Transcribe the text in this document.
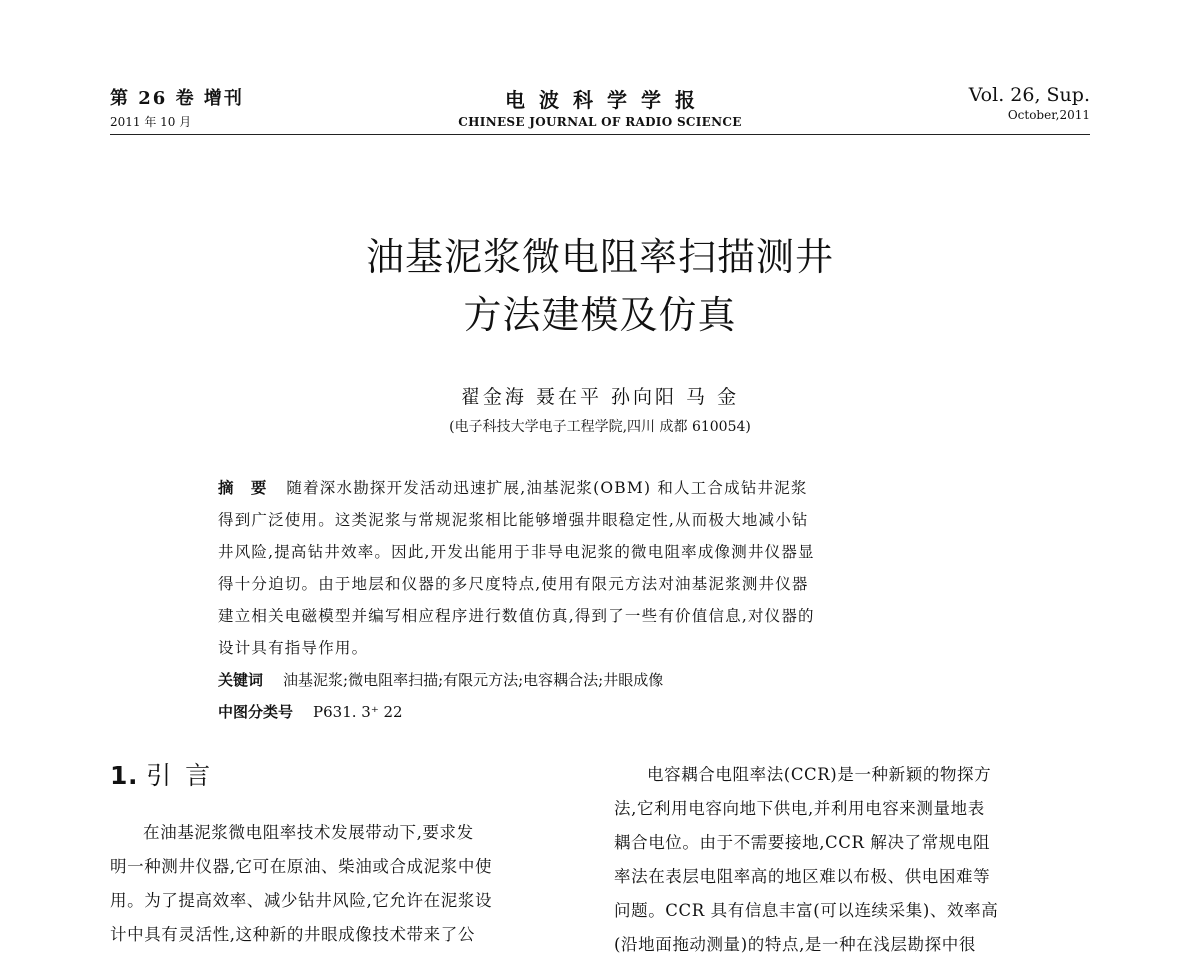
第 26 卷 增刊
2011 年 10 月
电波科学学报
CHINESE JOURNAL OF RADIO SCIENCE
Vol. 26, Sup.
October,2011
油基泥浆微电阻率扫描测井
方法建模及仿真
翟金海 聂在平 孙向阳 马 金
(电子科技大学电子工程学院,四川 成都 610054)
摘 要 随着深水勘探开发活动迅速扩展,油基泥浆(OBM) 和人工合成钻井泥浆
得到广泛使用。这类泥浆与常规泥浆相比能够增强井眼稳定性,从而极大地减小钻
井风险,提高钻井效率。因此,开发出能用于非导电泥浆的微电阻率成像测井仪器显
得十分迫切。由于地层和仪器的多尺度特点,使用有限元方法对油基泥浆测井仪器
建立相关电磁模型并编写相应程序进行数值仿真,得到了一些有价值信息,对仪器的
设计具有指导作用。
关键词 油基泥浆;微电阻率扫描;有限元方法;电容耦合法;井眼成像
中图分类号 P631. 3⁺ 22
1. 引言

在油基泥浆微电阻率技术发展带动下,要求发
明一种测井仪器,它可在原油、柴油或合成泥浆中使
用。为了提高效率、减少钻井风险,它允许在泥浆设
计中具有灵活性,这种新的井眼成像技术带来了公

电容耦合电阻率法(CCR)是一种新颖的物探方
法,它利用电容向地下供电,并利用电容来测量地表
耦合电位。由于不需要接地,CCR 解决了常规电阻
率法在表层电阻率高的地区难以布极、供电困难等
问题。CCR 具有信息丰富(可以连续采集)、效率高
(沿地面拖动测量)的特点,是一种在浅层勘探中很
